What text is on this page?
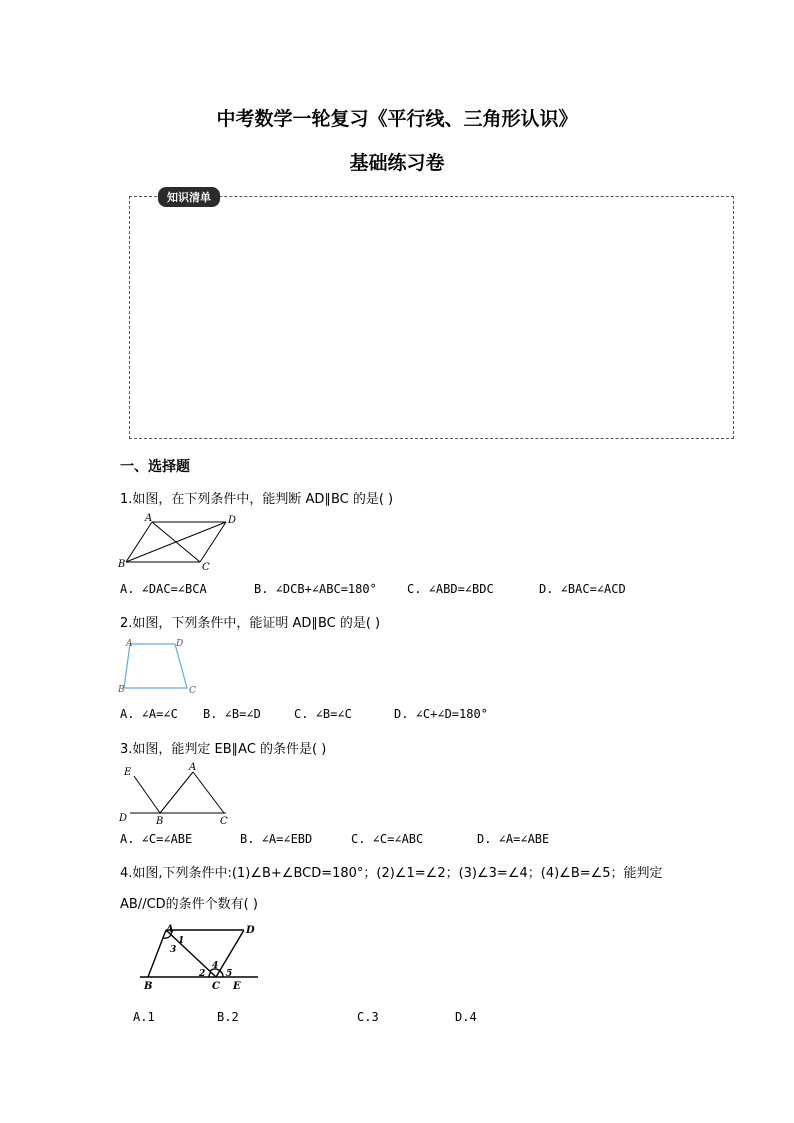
中考数学一轮复习《平行线、三角形认识》
基础练习卷
知识清单
一、选择题
1.如图，在下列条件中，能判断 AD∥BC 的是( )
A	D
B	C
A. ∠DAC=∠BCA	B. ∠DCB+∠ABC=180°	C. ∠ABD=∠BDC	D. ∠BAC=∠ACD
2.如图，下列条件中，能证明 AD∥BC 的是( )
A	D
B	C
A. ∠A=∠C B. ∠B=∠D	C. ∠B=∠C	D. ∠C+∠D=180°
3.如图，能判定 EB∥AC 的条件是( )
E	A
D	B	C
A. ∠C=∠ABE	B. ∠A=∠EBD	C. ∠C=∠ABC	D. ∠A=∠ABE
4.如图,下列条件中:(1)∠B+∠BCD=180°；(2)∠1=∠2；(3)∠3=∠4；(4)∠B=∠5；能判定
AB//CD的条件个数有( )
A	D
1
3
4
2 5
B	C E
A.1	B.2	C.3	D.4
